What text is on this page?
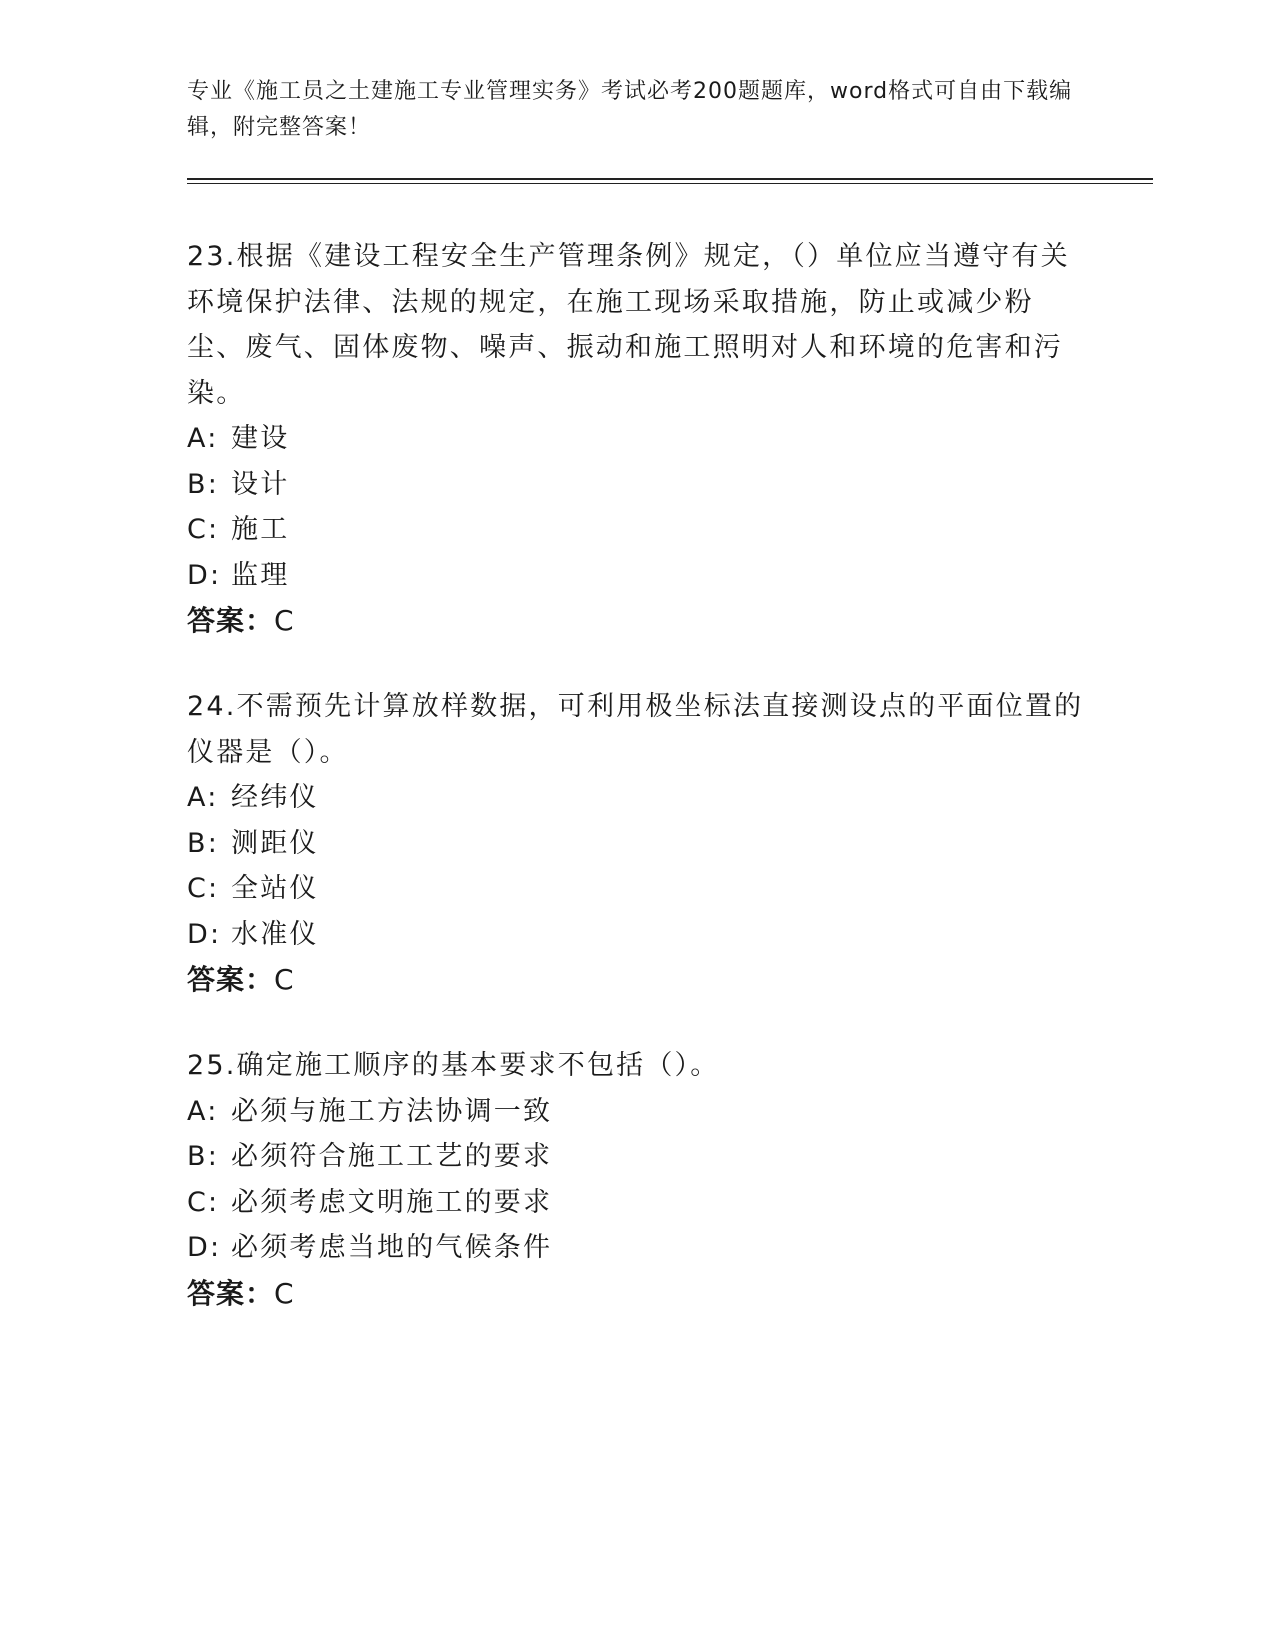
专业《施工员之土建施工专业管理实务》考试必考200题题库，word格式可自由下载编辑，附完整答案！

23.根据《建设工程安全生产管理条例》规定，（）单位应当遵守有关环境保护法律、法规的规定，在施工现场采取措施，防止或减少粉尘、废气、固体废物、噪声、振动和施工照明对人和环境的危害和污染。

A: 建设

B: 设计

C: 施工

D: 监理

答案：C

24.不需预先计算放样数据，可利用极坐标法直接测设点的平面位置的仪器是（）。

A: 经纬仪

B: 测距仪

C: 全站仪

D: 水准仪

答案：C

25.确定施工顺序的基本要求不包括（）。

A: 必须与施工方法协调一致

B: 必须符合施工工艺的要求

C: 必须考虑文明施工的要求

D: 必须考虑当地的气候条件

答案：C
